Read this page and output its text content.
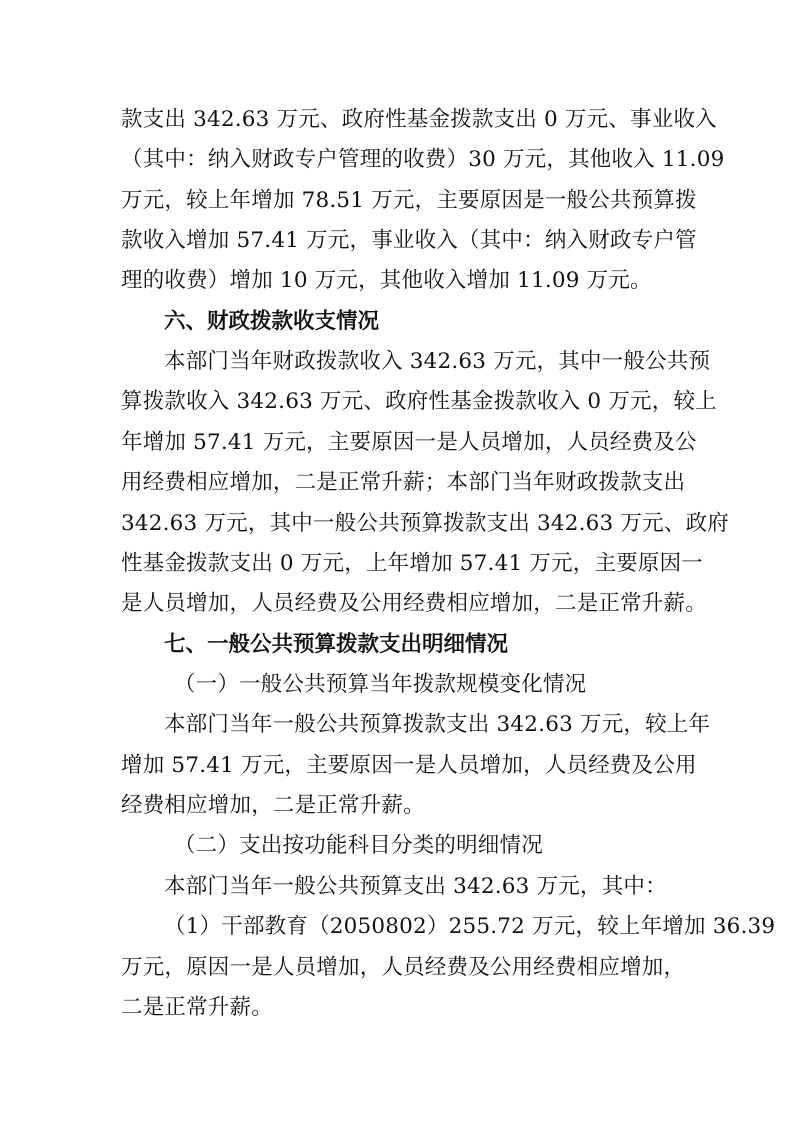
款支出 342.63 万元、政府性基金拨款支出 0 万元、事业收入
（其中：纳入财政专户管理的收费）30 万元，其他收入 11.09
万元，较上年增加 78.51 万元，主要原因是一般公共预算拨
款收入增加 57.41 万元，事业收入（其中：纳入财政专户管
理的收费）增加 10 万元，其他收入增加 11.09 万元。
六、财政拨款收支情况
本部门当年财政拨款收入 342.63 万元，其中一般公共预
算拨款收入 342.63 万元、政府性基金拨款收入 0 万元，较上
年增加 57.41 万元，主要原因一是人员增加，人员经费及公
用经费相应增加，二是正常升薪；本部门当年财政拨款支出
342.63 万元，其中一般公共预算拨款支出 342.63 万元、政府
性基金拨款支出 0 万元，上年增加 57.41 万元，主要原因一
是人员增加，人员经费及公用经费相应增加，二是正常升薪。
七、一般公共预算拨款支出明细情况
（一）一般公共预算当年拨款规模变化情况
本部门当年一般公共预算拨款支出 342.63 万元，较上年
增加 57.41 万元，主要原因一是人员增加，人员经费及公用
经费相应增加，二是正常升薪。
（二）支出按功能科目分类的明细情况
本部门当年一般公共预算支出 342.63 万元，其中：
（1）干部教育（2050802）255.72 万元，较上年增加 36.39
万元，原因一是人员增加，人员经费及公用经费相应增加，
二是正常升薪。
